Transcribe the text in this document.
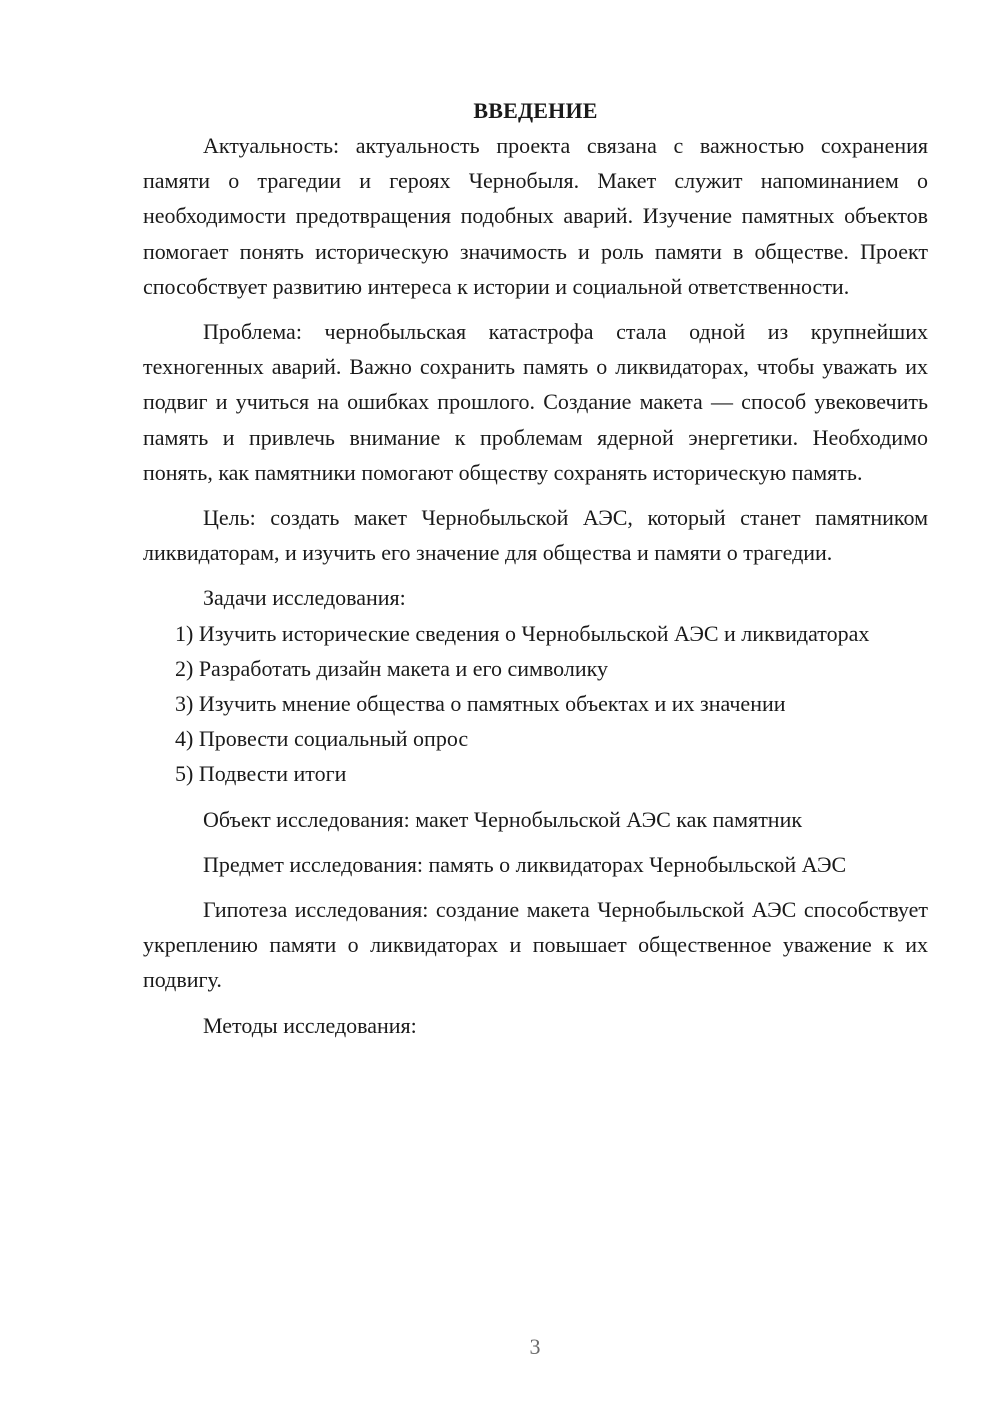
ВВЕДЕНИЕ

Актуальность: актуальность проекта связана с важностью сохранения памяти о трагедии и героях Чернобыля. Макет служит напоминанием о необходимости предотвращения подобных аварий. Изучение памятных объектов помогает понять историческую значимость и роль памяти в обществе. Проект способствует развитию интереса к истории и социальной ответственности.

Проблема: чернобыльская катастрофа стала одной из крупнейших техногенных аварий. Важно сохранить память о ликвидаторах, чтобы уважать их подвиг и учиться на ошибках прошлого. Создание макета — способ увековечить память и привлечь внимание к проблемам ядерной энергетики. Необходимо понять, как памятники помогают обществу сохранять историческую память.

Цель: создать макет Чернобыльской АЭС, который станет памятником ликвидаторам, и изучить его значение для общества и памяти о трагедии.

Задачи исследования:

1) Изучить исторические сведения о Чернобыльской АЭС и ликвидаторах

2) Разработать дизайн макета и его символику

3) Изучить мнение общества о памятных объектах и их значении

4) Провести социальный опрос

5) Подвести итоги

Объект исследования: макет Чернобыльской АЭС как памятник

Предмет исследования: память о ликвидаторах Чернобыльской АЭС

Гипотеза исследования: создание макета Чернобыльской АЭС способствует укреплению памяти о ликвидаторах и повышает общественное уважение к их подвигу.

Методы исследования:

3
